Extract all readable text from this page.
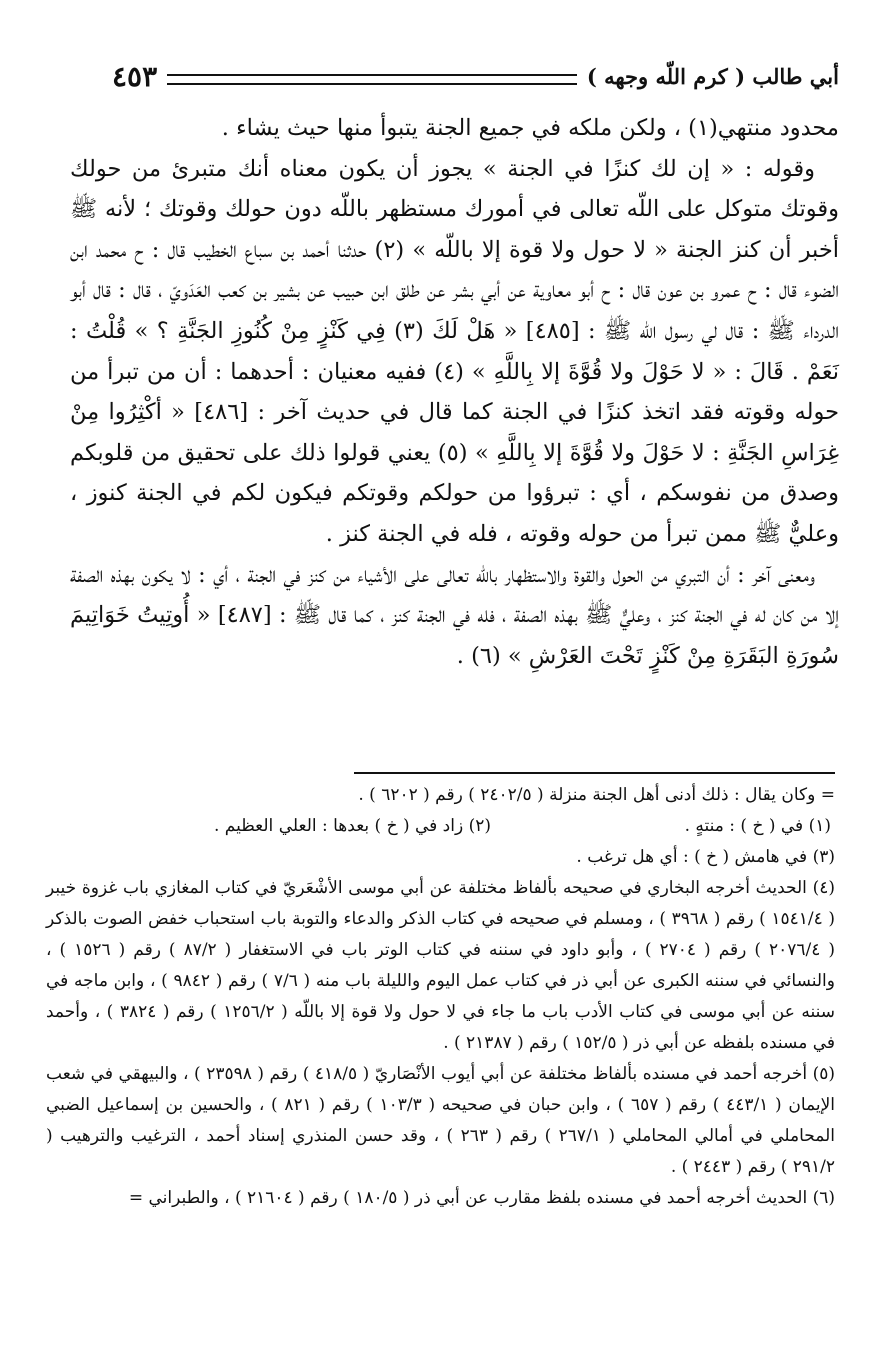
أبي طالب ( كرم اللّه وجهه )
٤٥٣

محدود منتهي(١) ، ولكن ملكه في جميع الجنة يتبوأ منها حيث يشاء .

وقوله : « إن لك كنزًا في الجنة » يجوز أن يكون معناه أنك متبرئ من حولك وقوتك متوكل على اللّه تعالى في أمورك مستظهر باللّه دون حولك وقوتك ؛ لأنه ﷺ أخبر أن كنز الجنة « لا حول ولا قوة إلا باللّه » (٢) حدثنا أحمد بن سباع الخطيب قال : ح محمد ابن الضوء قال : ح عمرو بن عون قال : ح أبو معاوية عن أبي بشر عن طلق ابن حبيب عن بشير بن كعب العَدَويّ ، قال : قال أبو الدرداء ﷺ : قال لي رسول اللّه ﷺ : [٤٨٥] « هَلْ لَكَ (٣) فِي كَنْزٍ مِنْ كُنُوزِ الجَنَّةِ ؟ » قُلْتُ : نَعَمْ . قَالَ : « لا حَوْلَ ولا قُوَّةَ إلا بِاللَّهِ » (٤) ففيه معنيان : أحدهما : أن من تبرأ من حوله وقوته فقد اتخذ كنزًا في الجنة كما قال في حديث آخر : [٤٨٦] « أكْثِرُوا مِنْ غِرَاسِ الجَنَّةِ : لا حَوْلَ ولا قُوَّةَ إلا بِاللَّهِ » (٥) يعني قولوا ذلك على تحقيق من قلوبكم وصدق من نفوسكم ، أي : تبرؤوا من حولكم وقوتكم فيكون لكم في الجنة كنوز ، وعليٌّ ﷺ ممن تبرأ من حوله وقوته ، فله في الجنة كنز .

ومعنى آخر : أن التبري من الحول والقوة والاستظهار باللّه تعالى على الأشياء من كنز في الجنة ، أي : لا يكون بهذه الصفة إلا من كان له في الجنة كنز ، وعليٌّ ﷺ بهذه الصفة ، فله في الجنة كنز ، كما قال ﷺ : [٤٨٧] « أُوتِيتُ خَوَاتِيمَ سُورَةِ البَقَرَةِ مِنْ كَنْزٍ تَحْتَ العَرْشِ » (٦) .

= وكان يقال : ذلك أدنى أهل الجنة منزلة ( ٢٤٠٢/٥ ) رقم ( ٦٢٠٢ ) .

(١) في ( خ ) : منتهٍ .
(٢) زاد في ( خ ) بعدها : العلي العظيم .

(٣) في هامش ( خ ) : أي هل ترغب .

(٤) الحديث أخرجه البخاري في صحيحه بألفاظ مختلفة عن أبي موسى الأشْعَريّ في كتاب المغازي باب غزوة خيبر ( ١٥٤١/٤ ) رقم ( ٣٩٦٨ ) ، ومسلم في صحيحه في كتاب الذكر والدعاء والتوبة باب استحباب خفض الصوت بالذكر ( ٢٠٧٦/٤ ) رقم ( ٢٧٠٤ ) ، وأبو داود في سننه في كتاب الوتر باب في الاستغفار ( ٨٧/٢ ) رقم ( ١٥٢٦ ) ، والنسائي في سننه الكبرى عن أبي ذر في كتاب عمل اليوم والليلة باب منه ( ٧/٦ ) رقم ( ٩٨٤٢ ) ، وابن ماجه في سننه عن أبي موسى في كتاب الأدب باب ما جاء في لا حول ولا قوة إلا باللّه ( ١٢٥٦/٢ ) رقم ( ٣٨٢٤ ) ، وأحمد في مسنده بلفظه عن أبي ذر ( ١٥٢/٥ ) رقم ( ٢١٣٨٧ ) .

(٥) أخرجه أحمد في مسنده بألفاظ مختلفة عن أبي أيوب الأنْصَاريّ ( ٤١٨/٥ ) رقم ( ٢٣٥٩٨ ) ، والبيهقي في شعب الإيمان ( ٤٤٣/١ ) رقم ( ٦٥٧ ) ، وابن حبان في صحيحه ( ١٠٣/٣ ) رقم ( ٨٢١ ) ، والحسين بن إسماعيل الضبي المحاملي في أمالي المحاملي ( ٢٦٧/١ ) رقم ( ٢٦٣ ) ، وقد حسن المنذري إسناد أحمد ، الترغيب والترهيب ( ٢٩١/٢ ) رقم ( ٢٤٤٣ ) .

(٦) الحديث أخرجه أحمد في مسنده بلفظ مقارب عن أبي ذر ( ١٨٠/٥ ) رقم ( ٢١٦٠٤ ) ، والطبراني =
